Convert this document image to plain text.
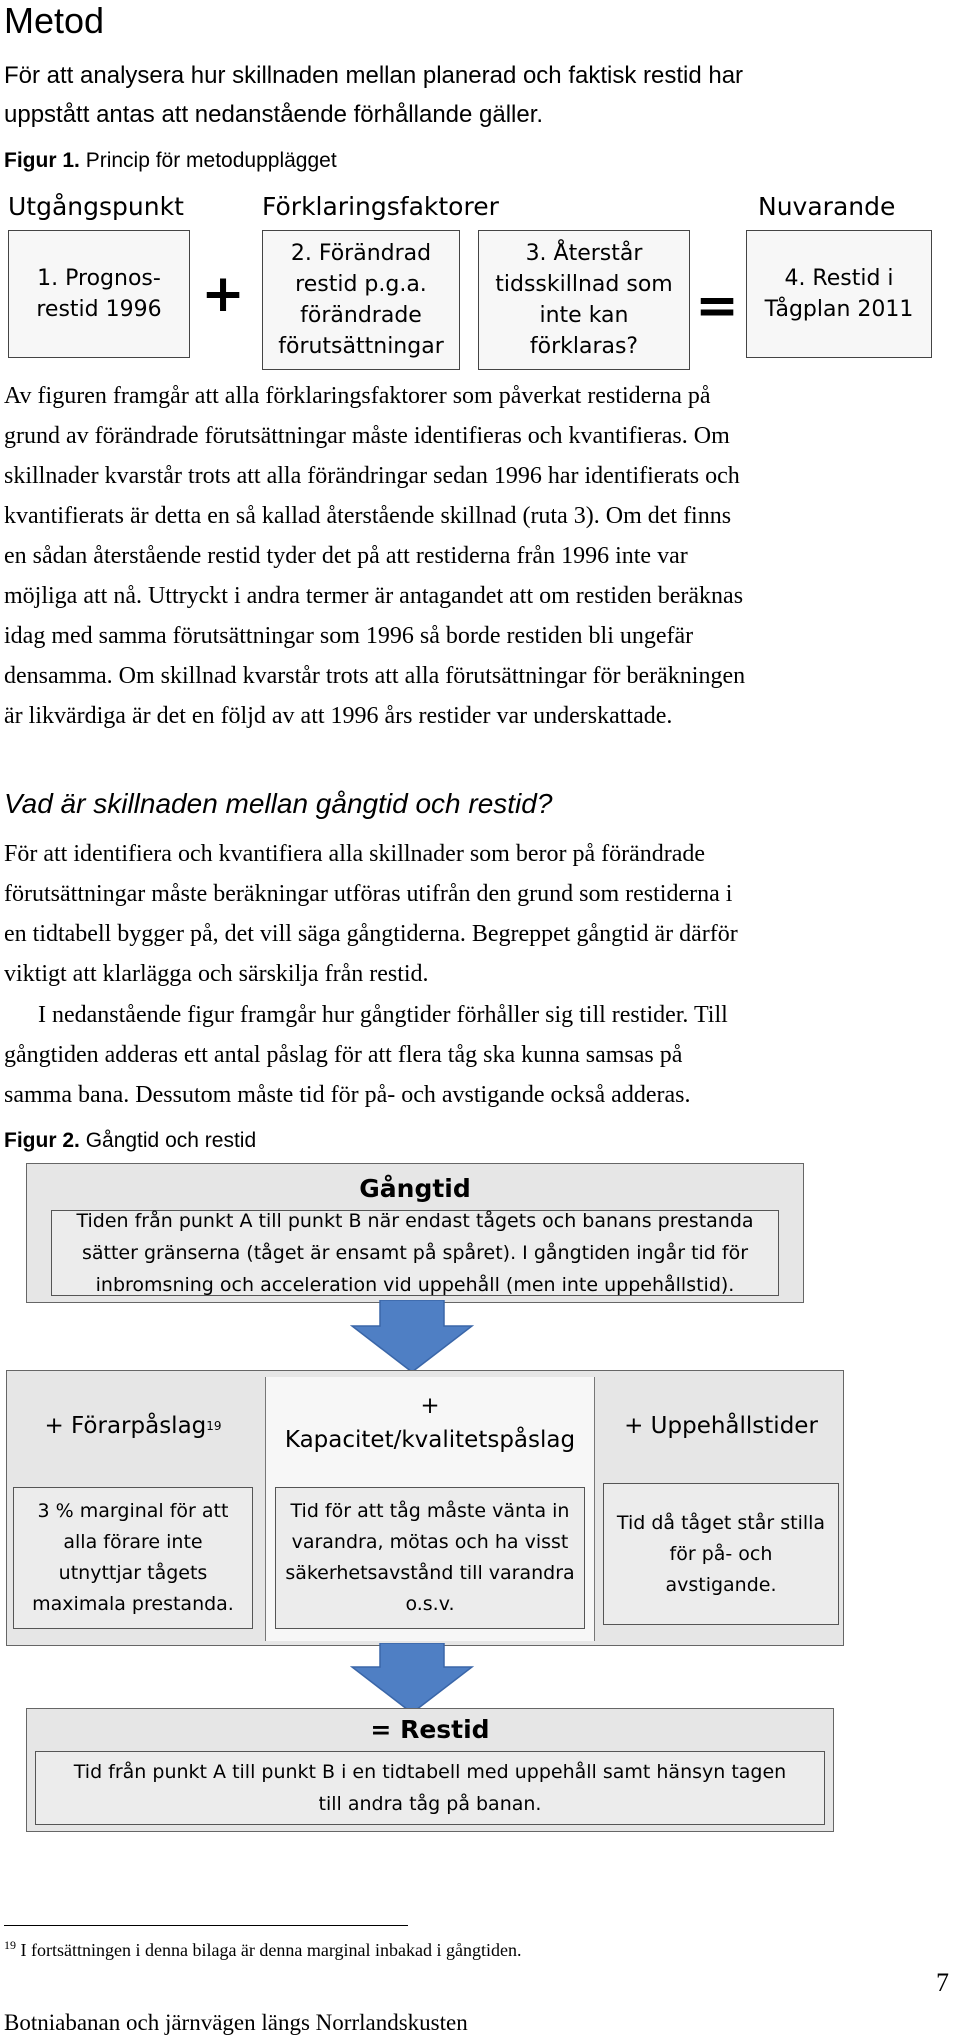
Metod
För att analysera hur skillnaden mellan planerad och faktisk restid har
uppstått antas att nedanstående förhållande gäller.
Figur 1. Princip för metodupplägget
Utgångspunkt	Förklaringsfaktorer	Nuvarande
1. Prognos-
restid 1996 +
2. Förändrad
restid p.g.a.
förändrade
förutsättningar
3. Återstår
tidsskillnad som
inte kan
förklaras?
=	4. Restid i
Tågplan 2011
Av figuren framgår att alla förklaringsfaktorer som påverkat restiderna på
grund av förändrade förutsättningar måste identifieras och kvantifieras. Om
skillnader kvarstår trots att alla förändringar sedan 1996 har identifierats och
kvantifierats är detta en så kallad återstående skillnad (ruta 3). Om det finns
en sådan återstående restid tyder det på att restiderna från 1996 inte var
möjliga att nå. Uttryckt i andra termer är antagandet att om restiden beräknas
idag med samma förutsättningar som 1996 så borde restiden bli ungefär
densamma. Om skillnad kvarstår trots att alla förutsättningar för beräkningen
är likvärdiga är det en följd av att 1996 års restider var underskattade.
Vad är skillnaden mellan gångtid och restid?
För att identifiera och kvantifiera alla skillnader som beror på förändrade
förutsättningar måste beräkningar utföras utifrån den grund som restiderna i
en tidtabell bygger på, det vill säga gångtiderna. Begreppet gångtid är därför
viktigt att klarlägga och särskilja från restid.
I nedanstående figur framgår hur gångtider förhåller sig till restider. Till
gångtiden adderas ett antal påslag för att flera tåg ska kunna samsas på
samma bana. Dessutom måste tid för på- och avstigande också adderas.
Figur 2. Gångtid och restid
Gångtid
Tiden från punkt A till punkt B när endast tågets och banans prestanda
sätter gränserna (tåget är ensamt på spåret). I gångtiden ingår tid för
inbromsning och acceleration vid uppehåll (men inte uppehållstid).
+ Förarpåslag 19
3 % marginal för att
alla förare inte
utnyttjar tågets
maximala prestanda.
+
Kapacitet/kvalitetspåslag
Tid för att tåg måste vänta in
varandra, mötas och ha visst
säkerhetsavstånd till varandra
o.s.v.
+ Uppehållstider
Tid då tåget står stilla
för på- och
avstigande.
= Restid
Tid från punkt A till punkt B i en tidtabell med uppehåll samt hänsyn tagen
till andra tåg på banan.
$^{19}$ I fortsättningen i denna bilaga är denna marginal inbakad i gångtiden.
7
Botniabanan och järnvägen längs Norrlandskusten
